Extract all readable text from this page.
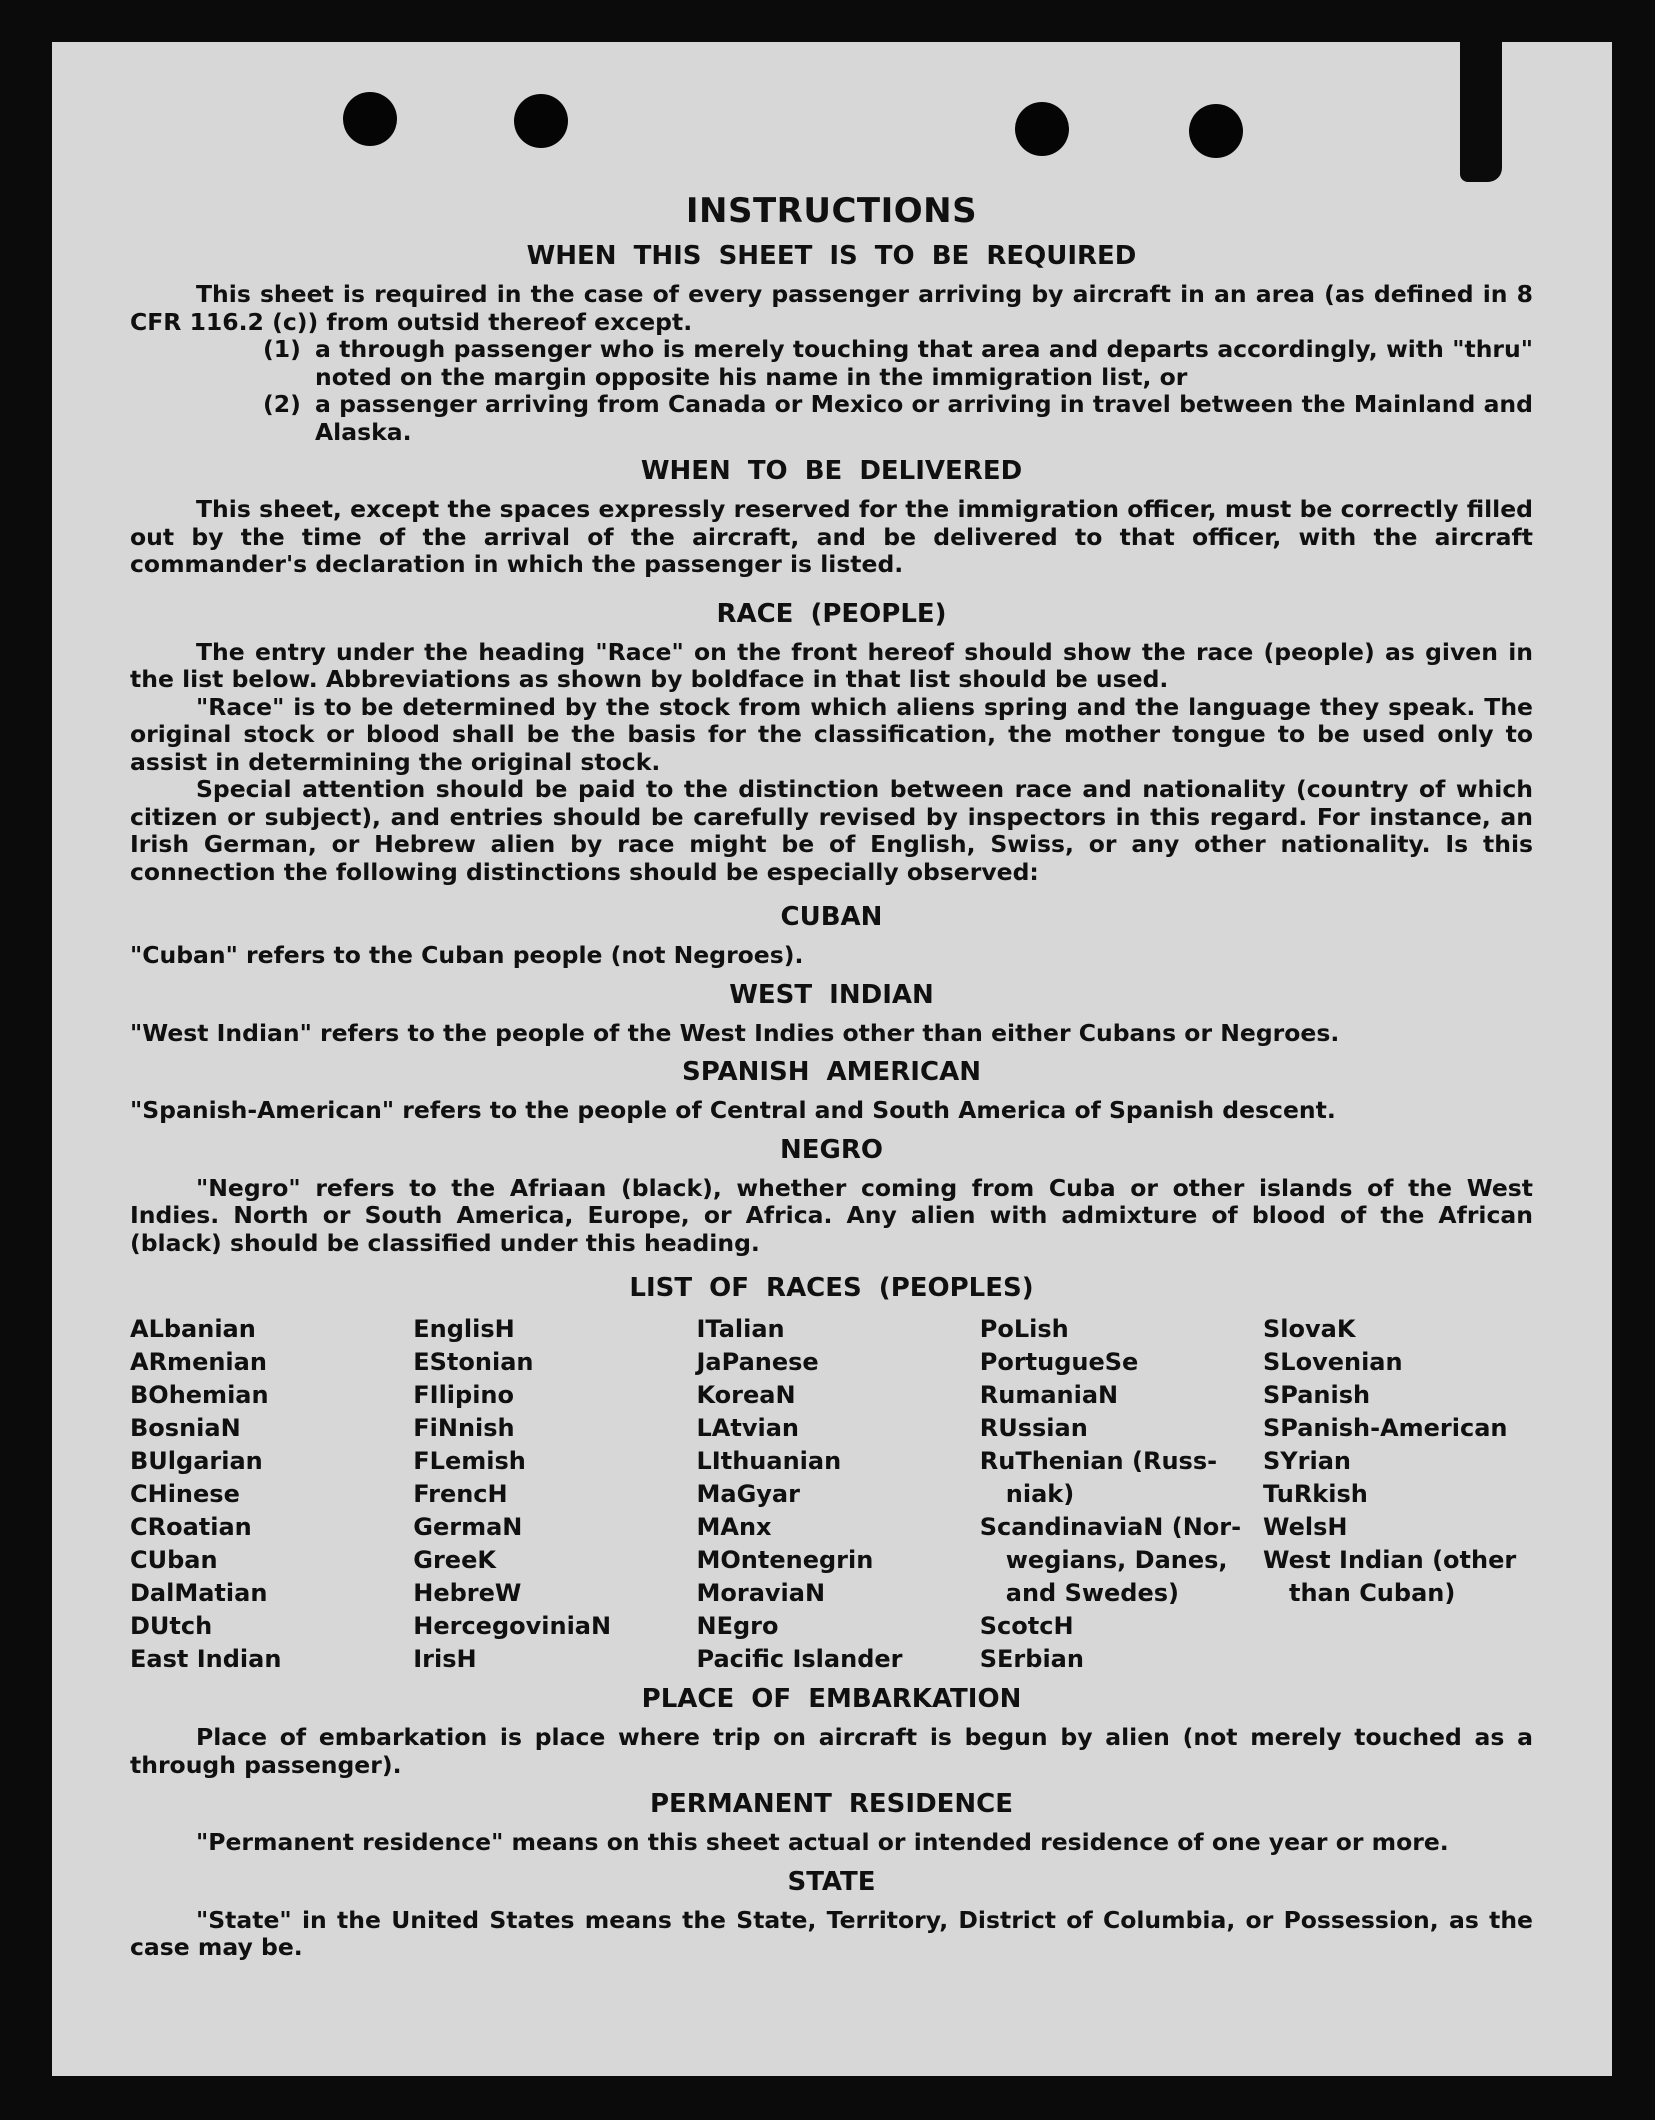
INSTRUCTIONS
WHEN THIS SHEET IS TO BE REQUIRED

This sheet is required in the case of every passenger arriving by aircraft in an area (as defined in 8 CFR 116.2 (c)) from outsid thereof except.

(1) a through passenger who is merely touching that area and departs accordingly, with "thru" noted on the margin opposite his name in the immigration list, or
(2) a passenger arriving from Canada or Mexico or arriving in travel between the Mainland and Alaska.
WHEN TO BE DELIVERED

This sheet, except the spaces expressly reserved for the immigration officer, must be correctly filled out by the time of the arrival of the aircraft, and be delivered to that officer, with the aircraft commander's declaration in which the passenger is listed.

RACE (PEOPLE)

The entry under the heading "Race" on the front hereof should show the race (people) as given in the list below. Abbreviations as shown by boldface in that list should be used.

"Race" is to be determined by the stock from which aliens spring and the language they speak. The original stock or blood shall be the basis for the classification, the mother tongue to be used only to assist in determining the original stock.

Special attention should be paid to the distinction between race and nationality (country of which citizen or subject), and entries should be carefully revised by inspectors in this regard. For instance, an Irish German, or Hebrew alien by race might be of English, Swiss, or any other nationality. Is this connection the following distinctions should be especially observed:

CUBAN

"Cuban" refers to the Cuban people (not Negroes).

WEST INDIAN

"West Indian" refers to the people of the West Indies other than either Cubans or Negroes.

SPANISH AMERICAN

"Spanish-American" refers to the people of Central and South America of Spanish descent.

NEGRO

"Negro" refers to the Afriaan (black), whether coming from Cuba or other islands of the West Indies. North or South America, Europe, or Africa. Any alien with admixture of blood of the African (black) should be classified under this heading.

LIST OF RACES (PEOPLES)
ALbanian
ARmenian
BOhemian
BosniaN
BUlgarian
CHinese
CRoatian
CUban
DalMatian
DUtch
East Indian
EnglisH
EStonian
FIlipino
FiNnish
FLemish
FrencH
GermaN
GreeK
HebreW
HercegoviniaN
IrisH
ITalian
JaPanese
KoreaN
LAtvian
LIthuanian
MaGyar
MAnx
MOntenegrin
MoraviaN
NEgro
Pacific Islander
PoLish
PortugueSe
RumaniaN
RUssian
RuThenian (Russ-
niak)
ScandinaviaN (Nor-
wegians, Danes,
and Swedes)
ScotcH
SErbian
SlovaK
SLovenian
SPanish
SPanish-American
SYrian
TuRkish
WelsH
West Indian (other
than Cuban)
PLACE OF EMBARKATION

Place of embarkation is place where trip on aircraft is begun by alien (not merely touched as a through passenger).

PERMANENT RESIDENCE

"Permanent residence" means on this sheet actual or intended residence of one year or more.

STATE

"State" in the United States means the State, Territory, District of Columbia, or Possession, as the case may be.
